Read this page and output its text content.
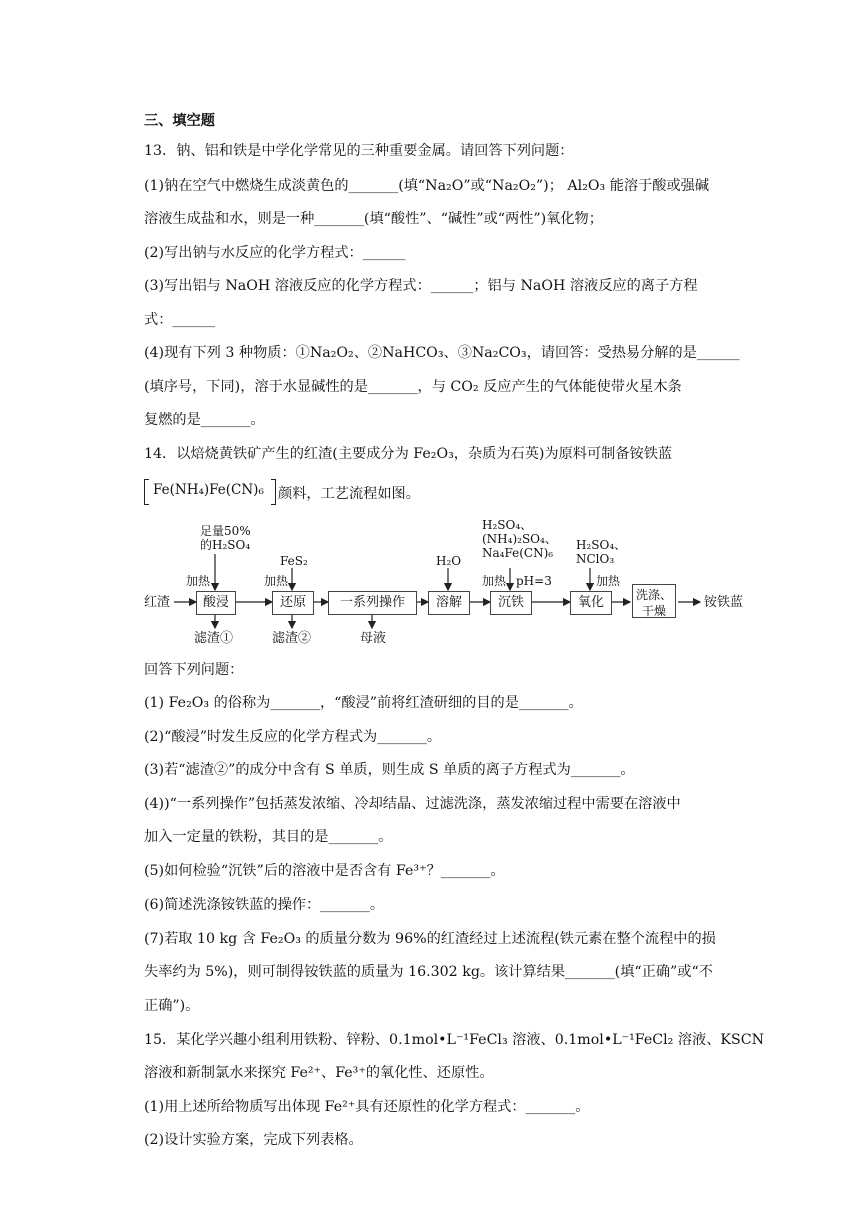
三、填空题
13．钠、铝和铁是中学化学常见的三种重要金属。请回答下列问题：
(1)钠在空气中燃烧生成淡黄色的_______(填“Na₂O”或“Na₂O₂”)； Al₂O₃ 能溶于酸或强碱
溶液生成盐和水，则是一种_______(填“酸性”、“碱性”或“两性”)氧化物；
(2)写出钠与水反应的化学方程式：______
(3)写出铝与 NaOH 溶液反应的化学方程式：______；铝与 NaOH 溶液反应的离子方程
式：______
(4)现有下列 3 种物质：①Na₂O₂、②NaHCO₃、③Na₂CO₃，请回答：受热易分解的是______
(填序号，下同)，溶于水显碱性的是_______，与 CO₂ 反应产生的气体能使带火星木条
复燃的是_______。
14．以焙烧黄铁矿产生的红渣(主要成分为 Fe₂O₃，杂质为石英)为原料可制备铵铁蓝
Fe(NH₄)Fe(CN)₆ 颜料，工艺流程如图。
红渣	酸浸	还原	一系列操作	溶解	沉铁	氧化	洗涤、干燥
铵铁蓝
足量50%
的H₂SO₄
加热
FeS₂
加热
H₂O
H₂SO₄、
(NH₄)₂SO₄、
Na₄Fe(CN)₆
加热 pH=3
H₂SO₄、
NClO₃
加热
滤渣①	滤渣②	母液
回答下列问题：
(1) Fe₂O₃ 的俗称为_______，“酸浸”前将红渣研细的目的是_______。
(2)“酸浸”时发生反应的化学方程式为_______。
(3)若“滤渣②”的成分中含有 S 单质，则生成 S 单质的离子方程式为_______。
(4))“一系列操作”包括蒸发浓缩、冷却结晶、过滤洗涤，蒸发浓缩过程中需要在溶液中
加入一定量的铁粉，其目的是_______。
(5)如何检验“沉铁”后的溶液中是否含有 Fe³⁺？_______。
(6)简述洗涤铵铁蓝的操作：_______。
(7)若取 10 kg 含 Fe₂O₃ 的质量分数为 96%的红渣经过上述流程(铁元素在整个流程中的损
失率约为 5%)，则可制得铵铁蓝的质量为 16.302 kg。该计算结果_______(填“正确”或“不
正确”)。
15．某化学兴趣小组利用铁粉、锌粉、0.1mol•L⁻¹FeCl₃ 溶液、0.1mol•L⁻¹FeCl₂ 溶液、KSCN
溶液和新制氯水来探究 Fe²⁺、Fe³⁺的氧化性、还原性。
(1)用上述所给物质写出体现 Fe²⁺具有还原性的化学方程式：_______。
(2)设计实验方案，完成下列表格。
